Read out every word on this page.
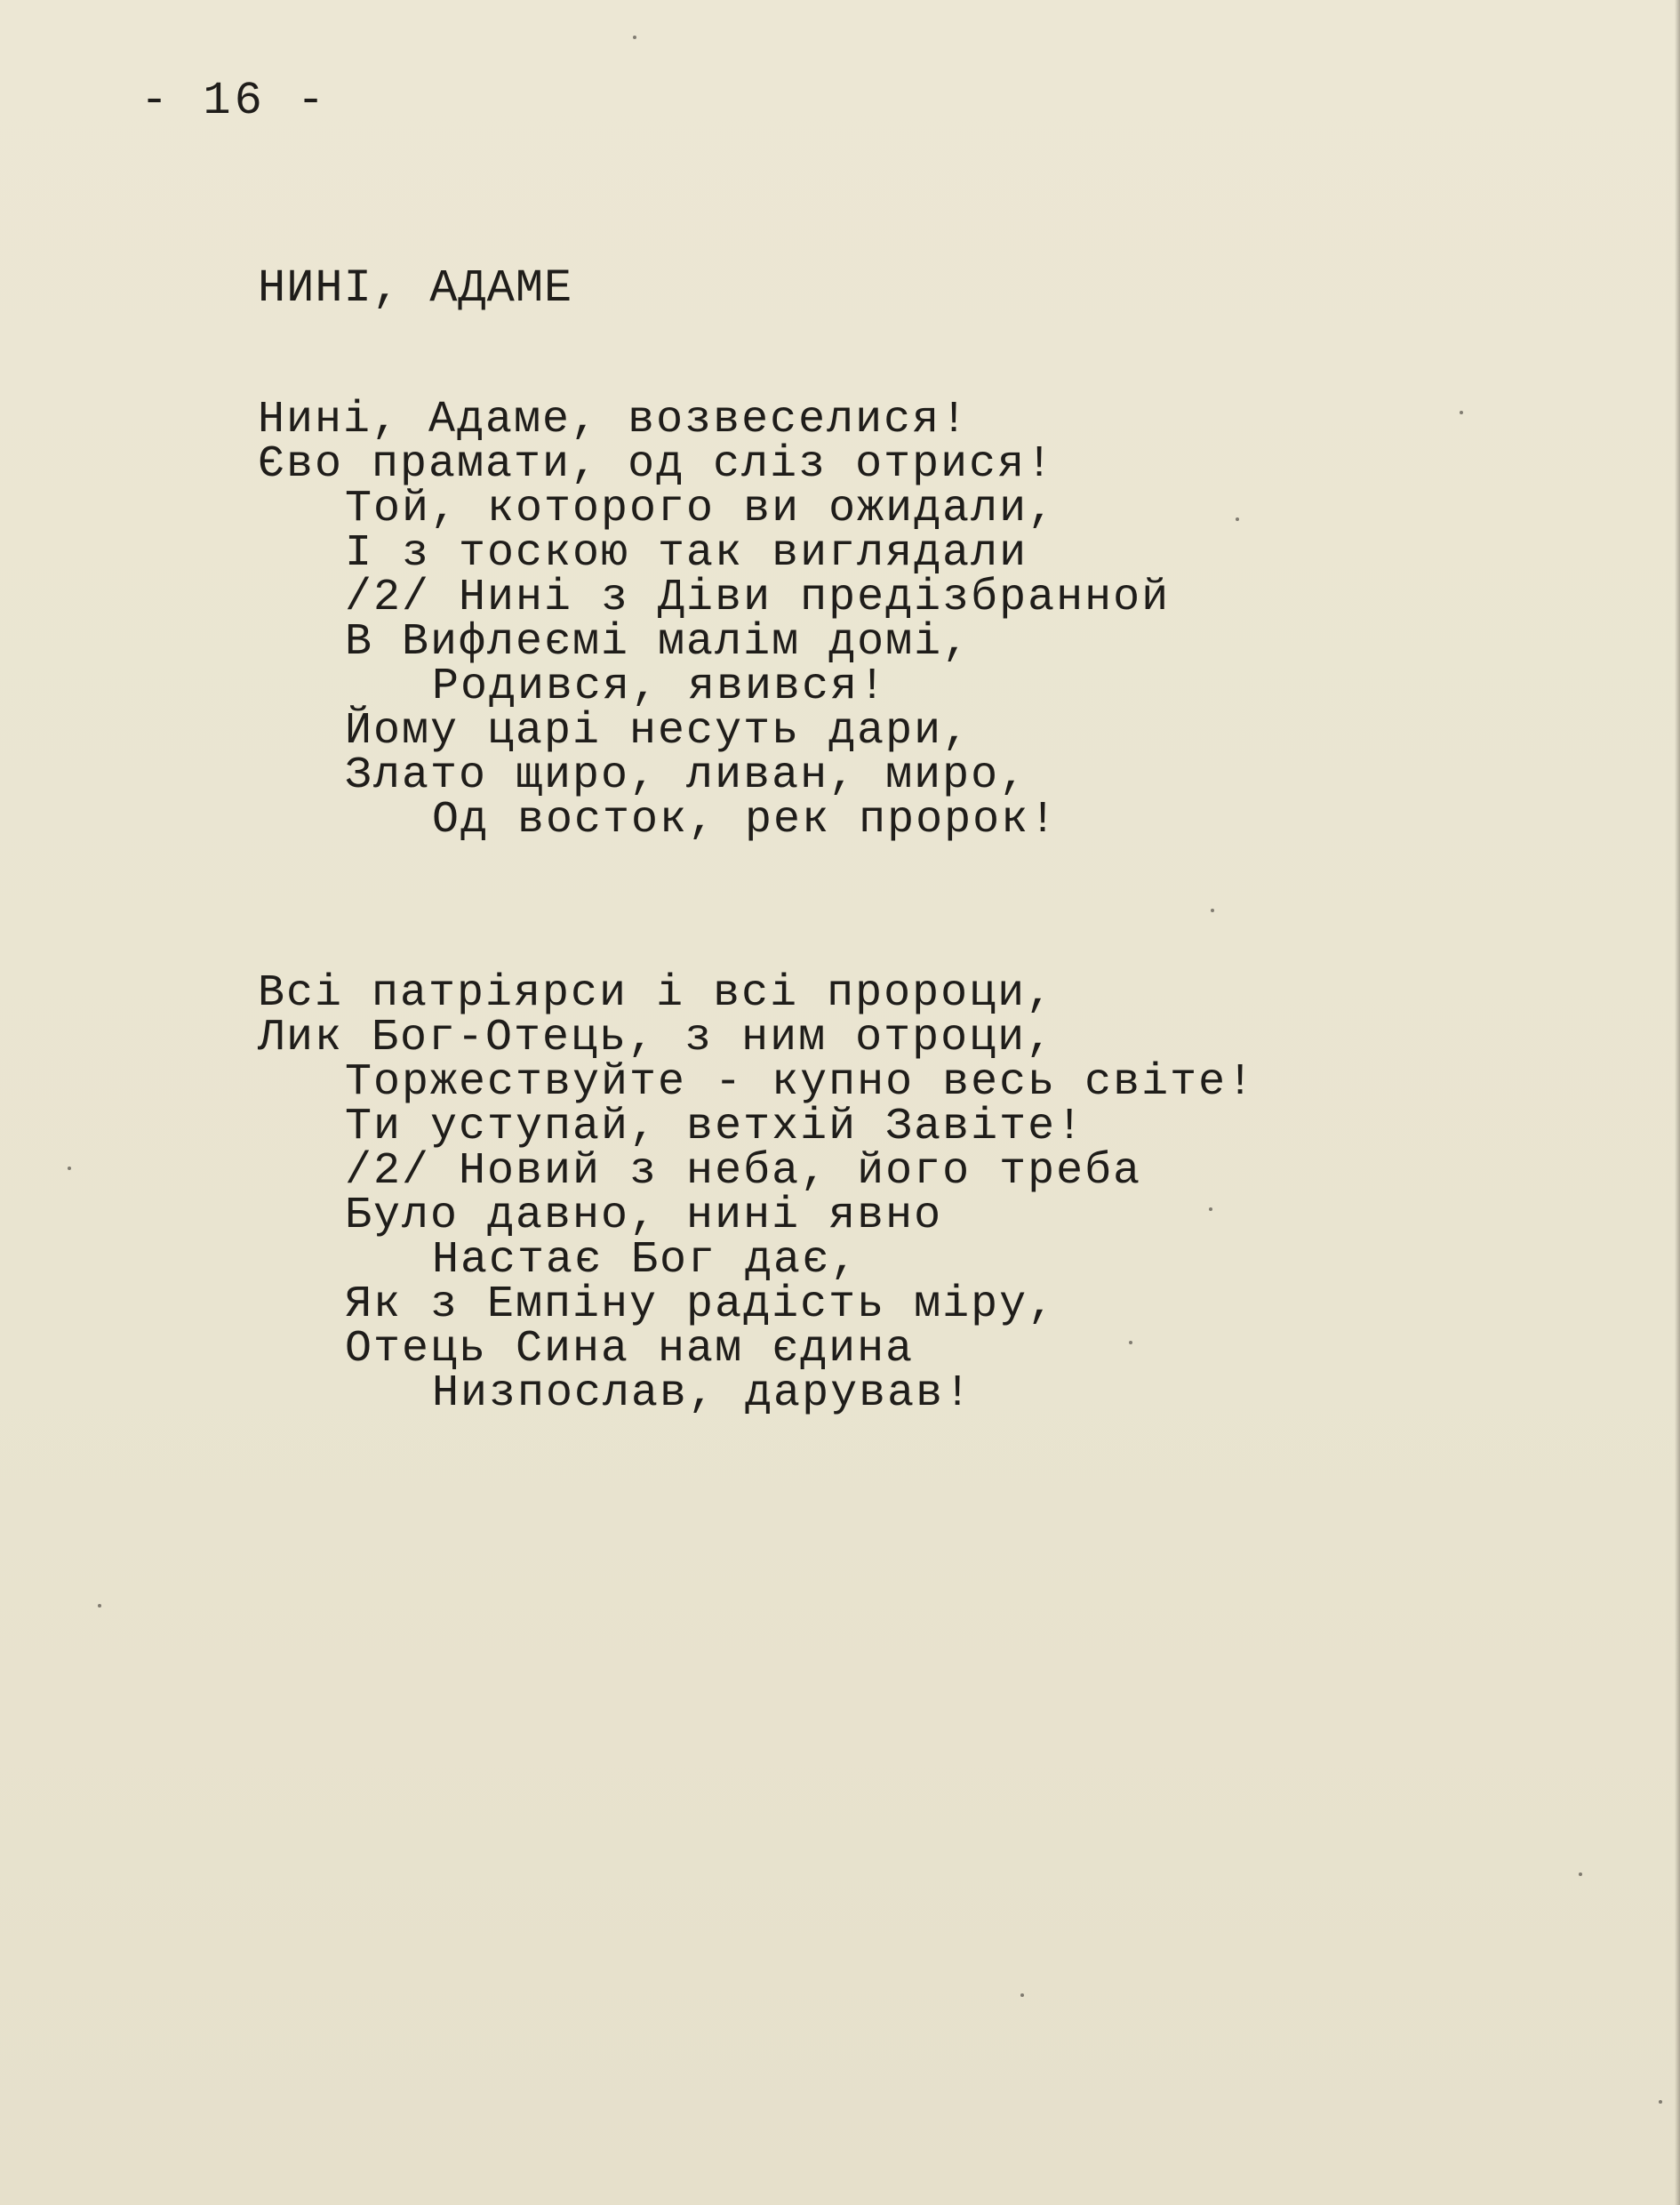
- 16 -
НИНІ, АДАМЕ
Нині, Адаме, возвеселися!
Єво прамати, од сліз отрися!
Той, которого ви ожидали,
І з тоскою так виглядали
/2/ Нині з Діви предізбранной
В Вифлеємі малім домі,
Родився, явився!
Йому царі несуть дари,
Злато щиро, ливан, миро,
Од восток, рек пророк!
Всі патріярси і всі пророци,
Лик Бог-Отець, з ним отроци,
Торжествуйте - купно весь світе!
Ти уступай, ветхій Завіте!
/2/ Новий з неба, його треба
Було давно, нині явно
Настає Бог дає,
Як з Емпіну радість міру,
Отець Сина нам єдина
Низпослав, дарував!
